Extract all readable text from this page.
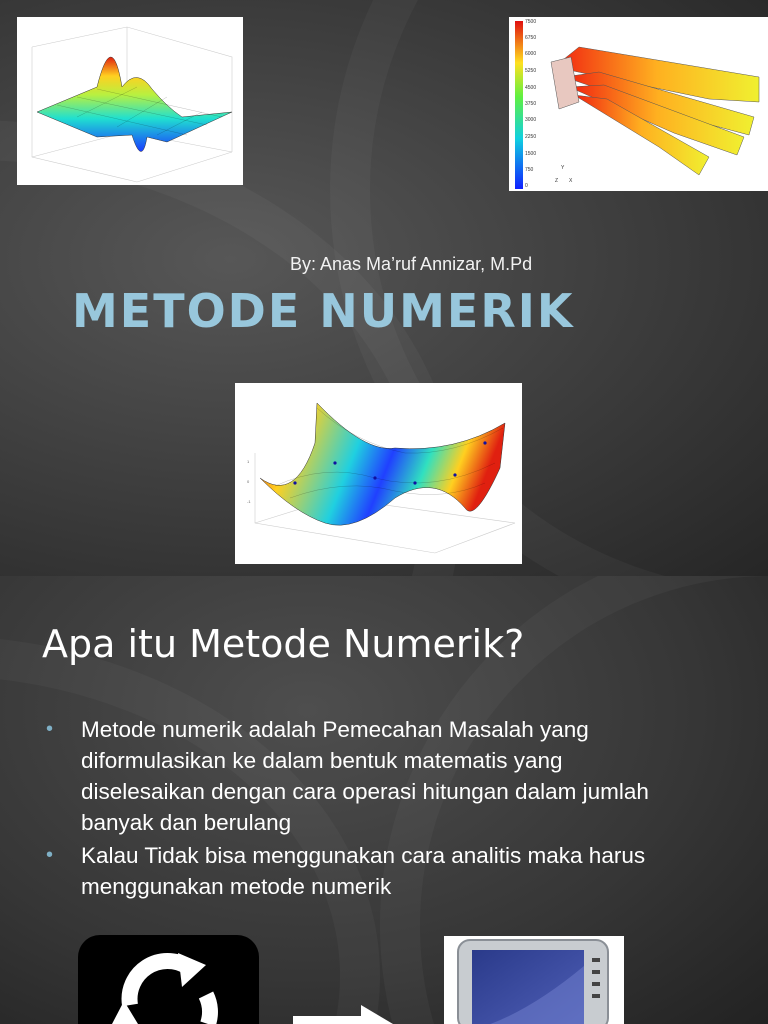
7500
6750
6000
5250
4500
3750
3000
2250
1500
750
0
Y
Z X
By: Anas Ma’ruf Annizar, M.Pd
METODE NUMERIK
1
0
-1
Apa itu Metode Numerik?
• Metode numerik adalah Pemecahan Masalah yang diformulasikan ke dalam bentuk matematis yang diselesaikan dengan cara operasi hitungan dalam jumlah banyak dan berulang
• Kalau Tidak bisa menggunakan cara analitis maka harus menggunakan metode numerik
